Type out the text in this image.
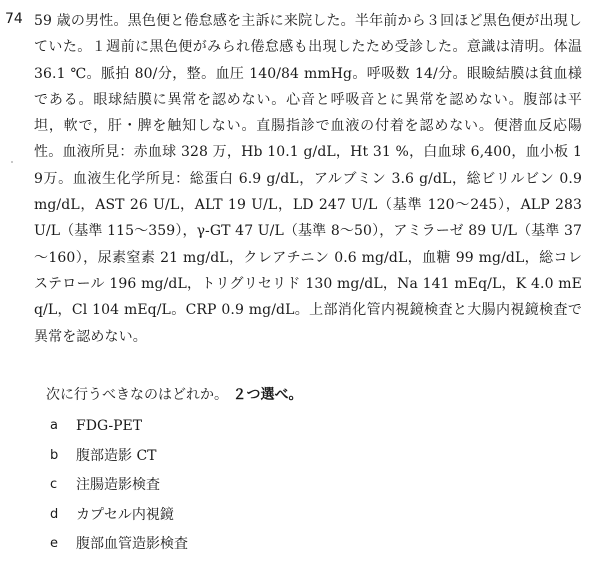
74 59 歳の男性。黒色便と倦怠感を主訴に来院した。半年前から３回ほど黒色便が出現していた。１週前に黒色便がみられ倦怠感も出現したため受診した。意識は清明。体温 36.1 ℃。脈拍 80/分，整。血圧 140/84 mmHg。呼吸数 14/分。眼瞼結膜は貧血様である。眼球結膜に異常を認めない。心音と呼吸音とに異常を認めない。腹部は平坦，軟で，肝・脾を触知しない。直腸指診で血液の付着を認めない。便潜血反応陽性。血液所見：赤血球 328 万，Hb 10.1 g/dL，Ht 31 %，白血球 6,400，血小板 19万。血液生化学所見：総蛋白 6.9 g/dL，アルブミン 3.6 g/dL，総ビリルビン 0.9 mg/dL，AST 26 U/L，ALT 19 U/L，LD 247 U/L（基準 120～245），ALP 283 U/L（基準 115～359），γ-GT 47 U/L（基準 8～50），アミラーゼ 89 U/L（基準 37～160），尿素窒素 21 mg/dL，クレアチニン 0.6 mg/dL，血糖 99 mg/dL，総コレステロール 196 mg/dL，トリグリセリド 130 mg/dL，Na 141 mEq/L，K 4.0 mEq/L，Cl 104 mEq/L。CRP 0.9 mg/dL。上部消化管内視鏡検査と大腸内視鏡検査で異常を認めない。
次に行うべきなのはどれか。 ２つ選べ。
a	FDG-PET
b	腹部造影 CT
c	注腸造影検査
d	カプセル内視鏡
e	腹部血管造影検査
